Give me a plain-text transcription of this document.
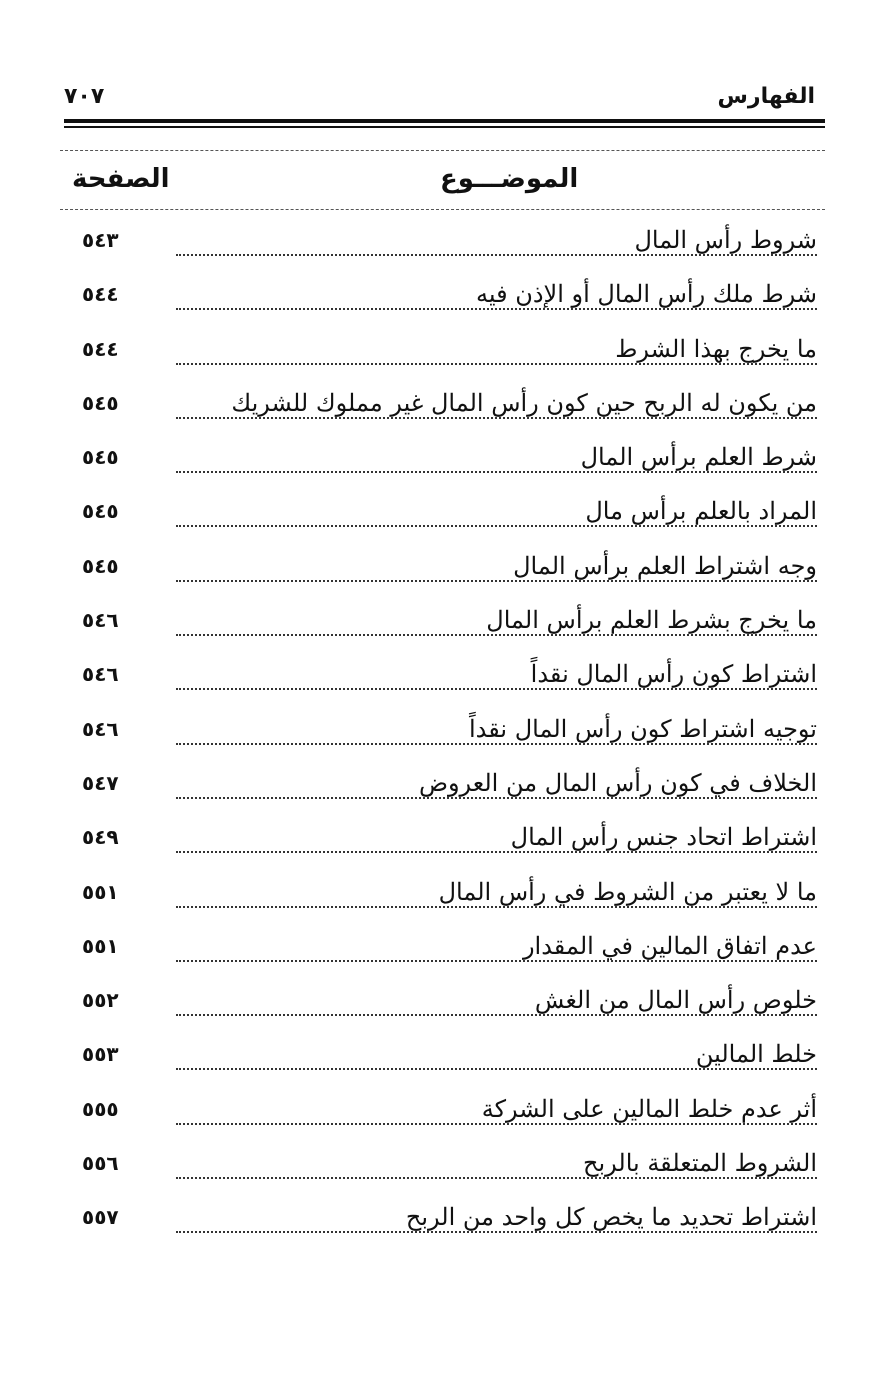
الفهارس
٧٠٧
الموضـــوع
الصفحة
شروط رأس المال
٥٤٣
شرط ملك رأس المال أو الإذن فيه
٥٤٤
ما يخرج بهذا الشرط
٥٤٤
من يكون له الربح حين كون رأس المال غير مملوك للشريك
٥٤٥
شرط العلم برأس المال
٥٤٥
المراد بالعلم برأس مال
٥٤٥
وجه اشتراط العلم برأس المال
٥٤٥
ما يخرج بشرط العلم برأس المال
٥٤٦
اشتراط كون رأس المال نقداً
٥٤٦
توجيه اشتراط كون رأس المال نقداً
٥٤٦
الخلاف في كون رأس المال من العروض
٥٤٧
اشتراط اتحاد جنس رأس المال
٥٤٩
ما لا يعتبر من الشروط في رأس المال
٥٥١
عدم اتفاق المالين في المقدار
٥٥١
خلوص رأس المال من الغش
٥٥٢
خلط المالين
٥٥٣
أثر عدم خلط المالين على الشركة
٥٥٥
الشروط المتعلقة بالربح
٥٥٦
اشتراط تحديد ما يخص كل واحد من الربح
٥٥٧
